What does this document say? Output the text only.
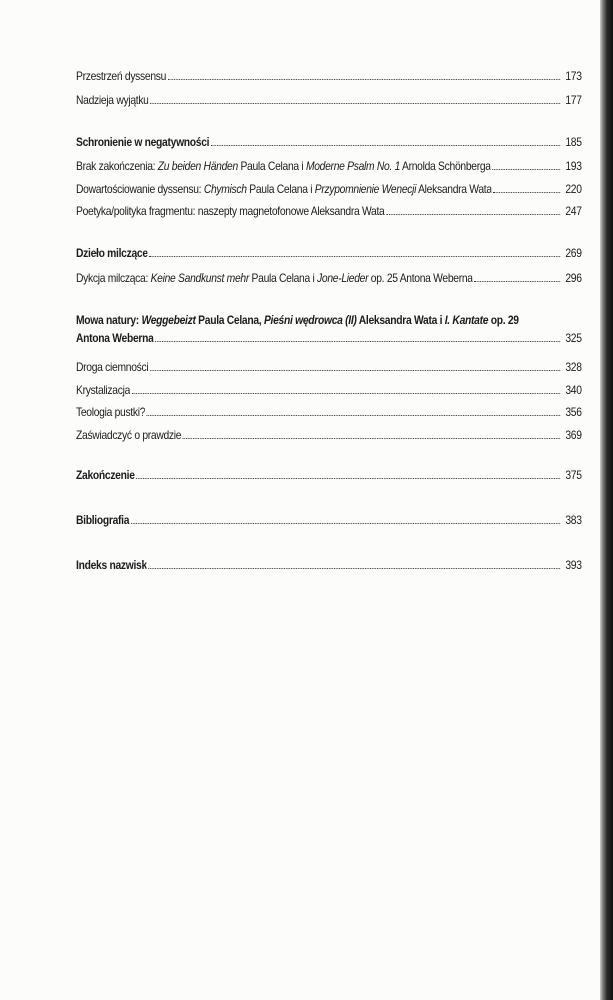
Przestrzeń dyssensu	173
Nadzieja wyjątku	177
Schronienie w negatywności	185
Brak zakończenia: Zu beiden Händen Paula Celana i Moderne Psalm No. 1 Arnolda Schönberga	193
Dowartościowanie dyssensu: Chymisch Paula Celana i Przypomnienie Wenecji Aleksandra Wata	220
Poetyka/polityka fragmentu: naszepty magnetofonowe Aleksandra Wata	247
Dzieło milczące	269
Dykcja milcząca: Keine Sandkunst mehr Paula Celana i Jone-Lieder op. 25 Antona Weberna	296
Mowa natury: Weggebeizt Paula Celana, Pieśni wędrowca (II) Aleksandra Wata i I. Kantate op. 29
Antona Weberna	325
Droga ciemności	328
Krystalizacja	340
Teologia pustki?	356
Zaświadczyć o prawdzie	369
Zakończenie	375
Bibliografia	383
Indeks nazwisk	393
